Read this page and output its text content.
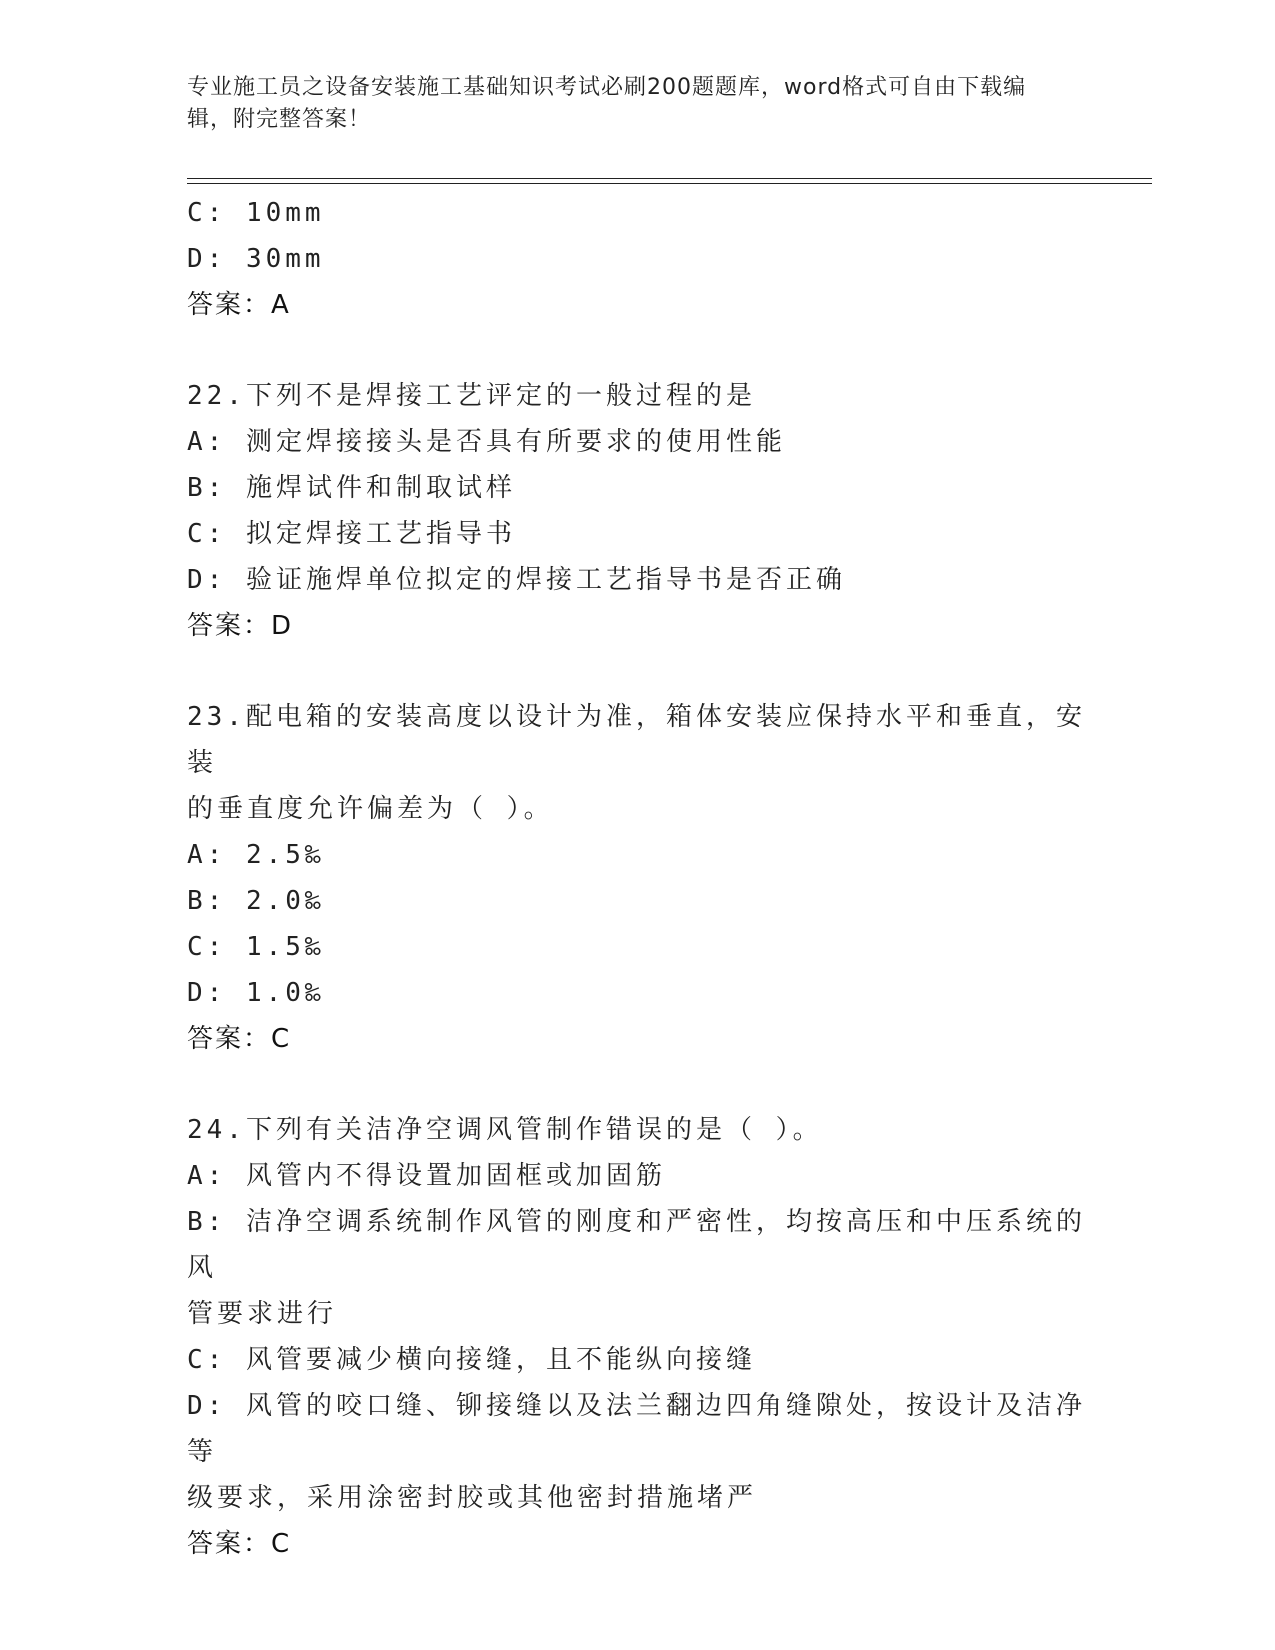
专业施工员之设备安装施工基础知识考试必刷200题题库，word格式可自由下载编辑，附完整答案！
C: 10mm
D: 30mm
答案：A
22.下列不是焊接工艺评定的一般过程的是
A: 测定焊接接头是否具有所要求的使用性能
B: 施焊试件和制取试样
C: 拟定焊接工艺指导书
D: 验证施焊单位拟定的焊接工艺指导书是否正确
答案：D
23.配电箱的安装高度以设计为准，箱体安装应保持水平和垂直，安装
的垂直度允许偏差为（ ）。
A: 2.5‰
B: 2.0‰
C: 1.5‰
D: 1.0‰
答案：C
24.下列有关洁净空调风管制作错误的是（ ）。
A: 风管内不得设置加固框或加固筋
B: 洁净空调系统制作风管的刚度和严密性，均按高压和中压系统的风
管要求进行
C: 风管要减少横向接缝，且不能纵向接缝
D: 风管的咬口缝、铆接缝以及法兰翻边四角缝隙处，按设计及洁净等
级要求，采用涂密封胶或其他密封措施堵严
答案：C
